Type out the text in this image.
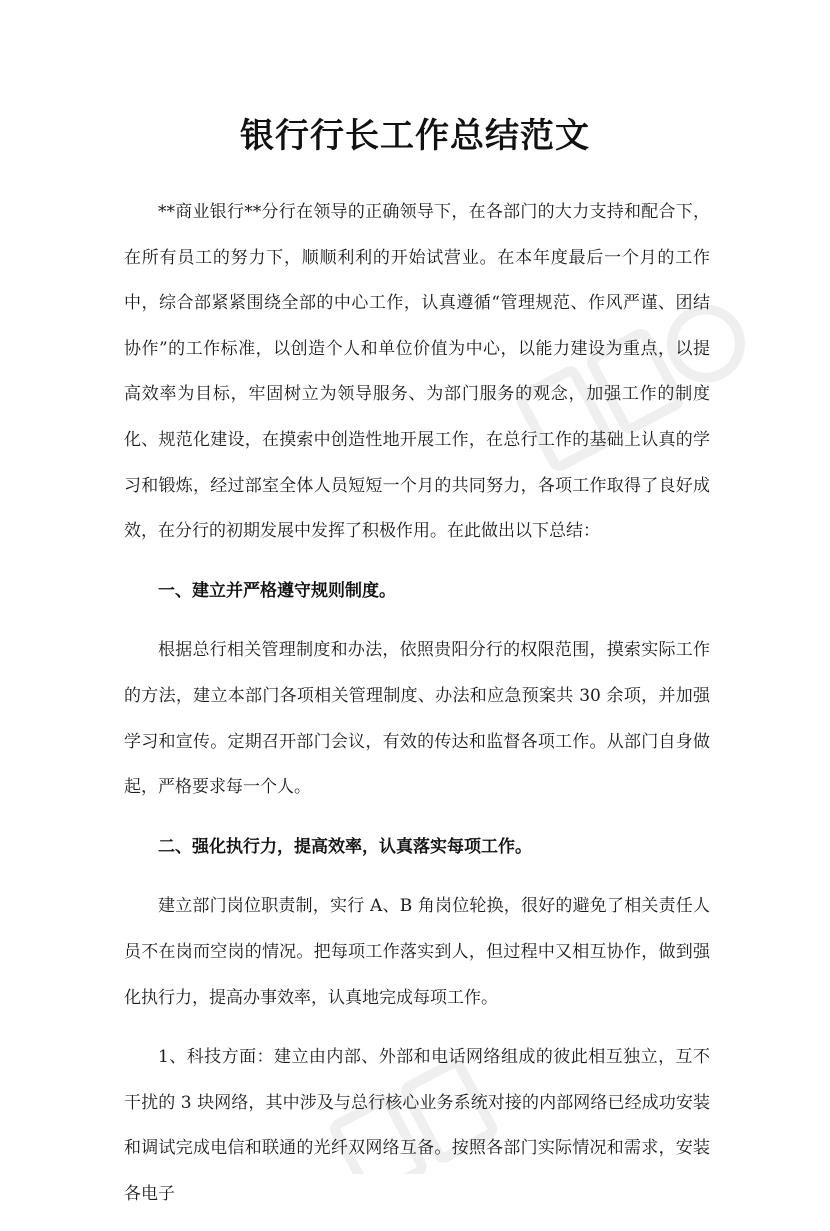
银行行长工作总结范文

**商业银行**分行在领导的正确领导下，在各部门的大力支持和配合下，在所有员工的努力下，顺顺利利的开始试营业。在本年度最后一个月的工作中，综合部紧紧围绕全部的中心工作，认真遵循“管理规范、作风严谨、团结协作”的工作标准，以创造个人和单位价值为中心，以能力建设为重点，以提高效率为目标，牢固树立为领导服务、为部门服务的观念，加强工作的制度化、规范化建设，在摸索中创造性地开展工作，在总行工作的基础上认真的学习和锻炼，经过部室全体人员短短一个月的共同努力，各项工作取得了良好成效，在分行的初期发展中发挥了积极作用。在此做出以下总结：

一、建立并严格遵守规则制度。

根据总行相关管理制度和办法，依照贵阳分行的权限范围，摸索实际工作的方法，建立本部门各项相关管理制度、办法和应急预案共 30 余项，并加强学习和宣传。定期召开部门会议，有效的传达和监督各项工作。从部门自身做起，严格要求每一个人。

二、强化执行力，提高效率，认真落实每项工作。

建立部门岗位职责制，实行 A、B 角岗位轮换，很好的避免了相关责任人员不在岗而空岗的情况。把每项工作落实到人，但过程中又相互协作，做到强化执行力，提高办事效率，认真地完成每项工作。

1、科技方面：建立由内部、外部和电话网络组成的彼此相互独立，互不干扰的 3 块网络，其中涉及与总行核心业务系统对接的内部网络已经成功安装和调试完成电信和联通的光纤双网络互备。按照各部门实际情况和需求，安装各电子
